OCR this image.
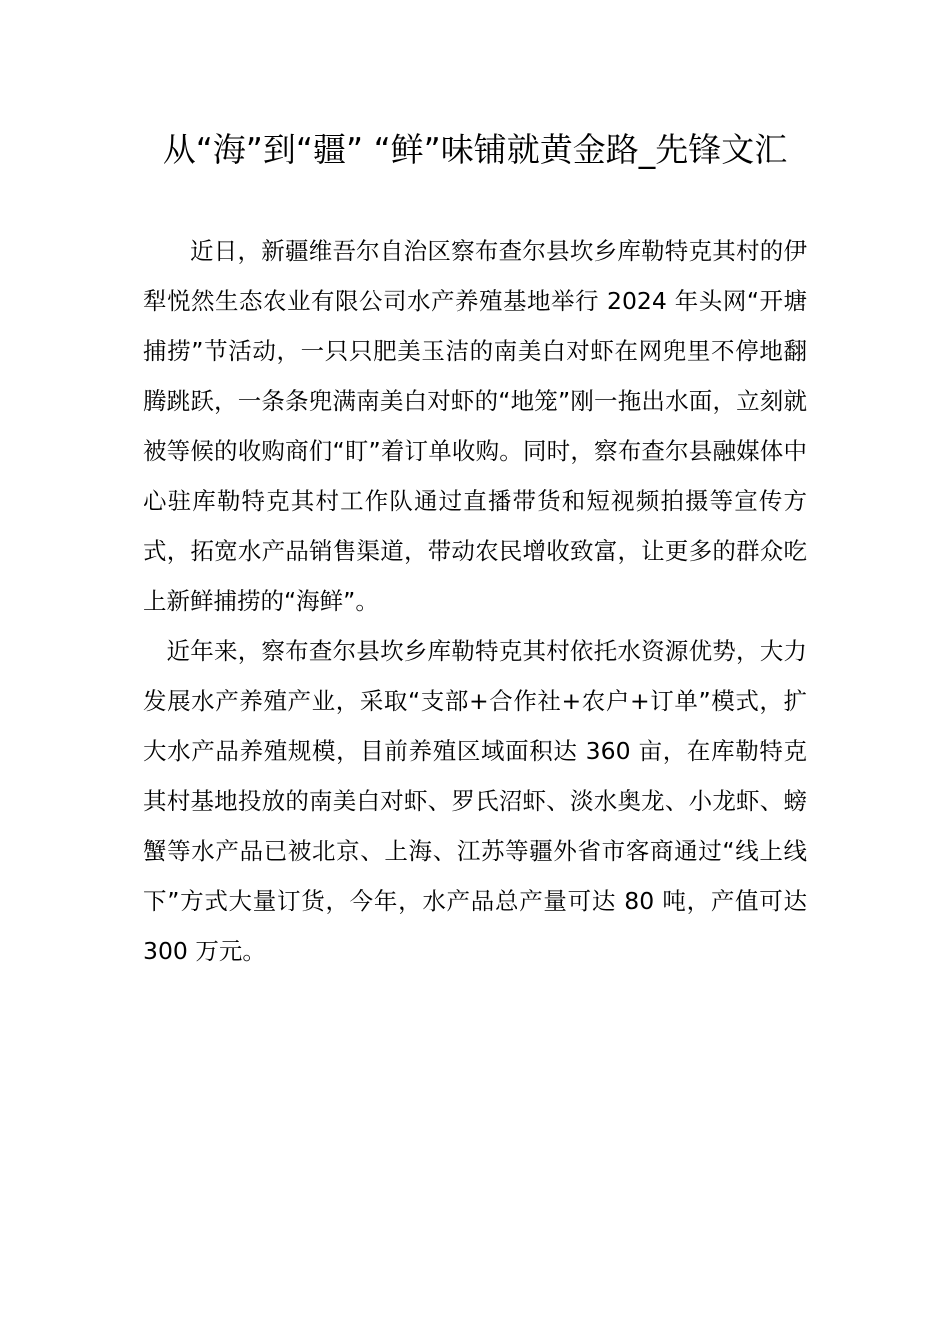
从“海”到“疆” “鲜”味铺就黄金路_先锋文汇

近日，新疆维吾尔自治区察布查尔县坎乡库勒特克其村的伊犁悦然生态农业有限公司水产养殖基地举行 2024 年头网“开塘捕捞”节活动，一只只肥美玉洁的南美白对虾在网兜里不停地翻腾跳跃，一条条兜满南美白对虾的“地笼”刚一拖出水面，立刻就被等候的收购商们“盯”着订单收购。同时，察布查尔县融媒体中心驻库勒特克其村工作队通过直播带货和短视频拍摄等宣传方式，拓宽水产品销售渠道，带动农民增收致富，让更多的群众吃上新鲜捕捞的“海鲜”。

近年来，察布查尔县坎乡库勒特克其村依托水资源优势，大力发展水产养殖产业，采取“支部+合作社+农户+订单”模式，扩大水产品养殖规模，目前养殖区域面积达 360 亩，在库勒特克其村基地投放的南美白对虾、罗氏沼虾、淡水奥龙、小龙虾、螃蟹等水产品已被北京、上海、江苏等疆外省市客商通过“线上线下”方式大量订货，今年，水产品总产量可达 80 吨，产值可达 300 万元。
